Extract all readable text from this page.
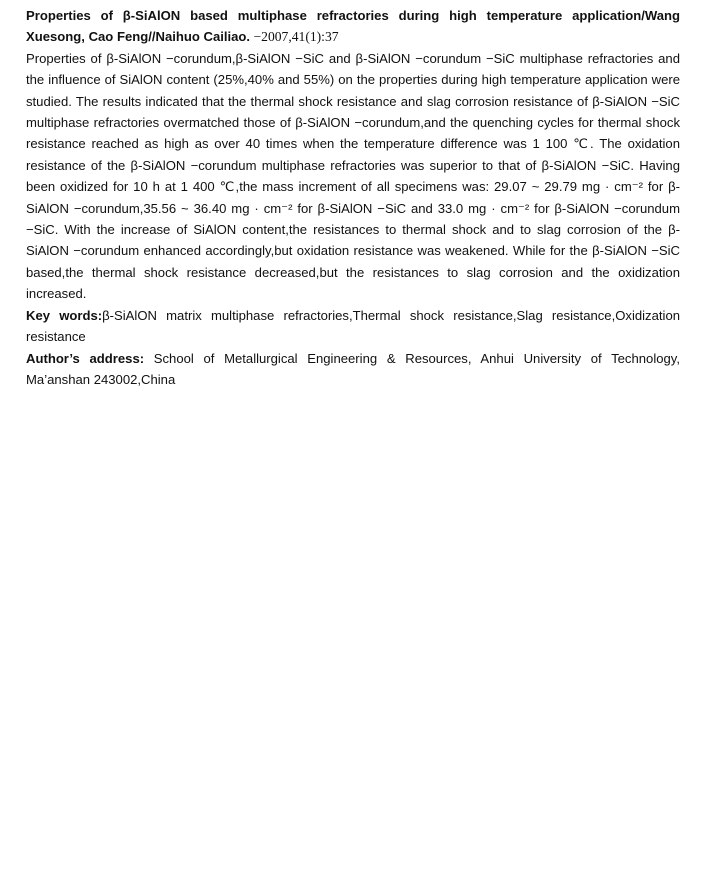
Properties of β-SiAlON based multiphase refractories during high temperature application/Wang Xuesong, Cao Feng//Naihuo Cailiao. −2007,41(1):37

Properties of β-SiAlON −corundum,β-SiAlON −SiC and β-SiAlON −corundum −SiC multiphase refractories and the influence of SiAlON content (25%,40% and 55%) on the properties during high temperature application were studied. The results indicated that the thermal shock resistance and slag corrosion resistance of β-SiAlON −SiC multiphase refractories overmatched those of β-SiAlON −corundum,and the quenching cycles for thermal shock resistance reached as high as over 40 times when the temperature difference was 1 100 ℃. The oxidation resistance of the β-SiAlON −corundum multiphase refractories was superior to that of β-SiAlON −SiC. Having been oxidized for 10 h at 1 400 ℃,the mass increment of all specimens was: 29.07 ~ 29.79 mg · cm⁻² for β-SiAlON −corundum,35.56 ~ 36.40 mg · cm⁻² for β-SiAlON −SiC and 33.0 mg · cm⁻² for β-SiAlON −corundum −SiC. With the increase of SiAlON content,the resistances to thermal shock and to slag corrosion of the β-SiAlON −corundum enhanced accordingly,but oxidation resistance was weakened. While for the β-SiAlON −SiC based,the thermal shock resistance decreased,but the resistances to slag corrosion and the oxidization increased.

Key words:β-SiAlON matrix multiphase refractories,Thermal shock resistance,Slag resistance,Oxidization resistance

Author’s address: School of Metallurgical Engineering & Resources, Anhui University of Technology, Ma’anshan 243002,China
